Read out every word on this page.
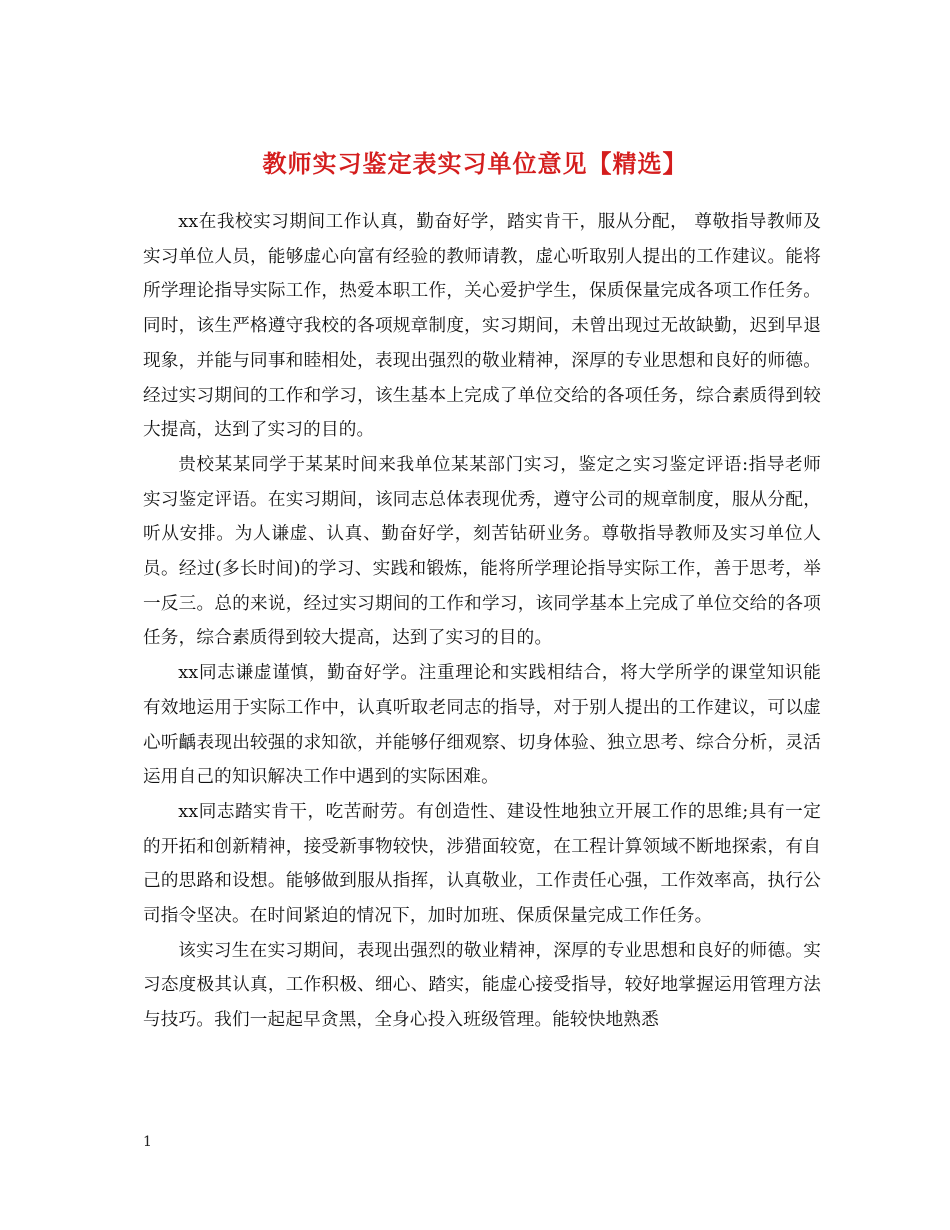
教师实习鉴定表实习单位意见【精选】

xx在我校实习期间工作认真，勤奋好学，踏实肯干，服从分配， 尊敬指导教师及实习单位人员，能够虚心向富有经验的教师请教，虚心听取别人提出的工作建议。能将所学理论指导实际工作，热爱本职工作，关心爱护学生，保质保量完成各项工作任务。同时，该生严格遵守我校的各项规章制度，实习期间，未曾出现过无故缺勤，迟到早退现象，并能与同事和睦相处，表现出强烈的敬业精神，深厚的专业思想和良好的师德。经过实习期间的工作和学习，该生基本上完成了单位交给的各项任务，综合素质得到较大提高，达到了实习的目的。

贵校某某同学于某某时间来我单位某某部门实习，鉴定之实习鉴定评语:指导老师实习鉴定评语。在实习期间，该同志总体表现优秀，遵守公司的规章制度，服从分配，听从安排。为人谦虚、认真、勤奋好学，刻苦钻研业务。尊敬指导教师及实习单位人员。经过(多长时间)的学习、实践和锻炼，能将所学理论指导实际工作，善于思考，举一反三。总的来说，经过实习期间的工作和学习，该同学基本上完成了单位交给的各项任务，综合素质得到较大提高，达到了实习的目的。

xx同志谦虚谨慎，勤奋好学。注重理论和实践相结合，将大学所学的课堂知识能有效地运用于实际工作中，认真听取老同志的指导，对于别人提出的工作建议，可以虚心听齲表现出较强的求知欲，并能够仔细观察、切身体验、独立思考、综合分析，灵活运用自己的知识解决工作中遇到的实际困难。

xx同志踏实肯干，吃苦耐劳。有创造性、建设性地独立开展工作的思维;具有一定的开拓和创新精神，接受新事物较快，涉猎面较宽，在工程计算领域不断地探索，有自己的思路和设想。能够做到服从指挥，认真敬业，工作责任心强，工作效率高，执行公司指令坚决。在时间紧迫的情况下，加时加班、保质保量完成工作任务。

该实习生在实习期间，表现出强烈的敬业精神，深厚的专业思想和良好的师德。实习态度极其认真，工作积极、细心、踏实，能虚心接受指导，较好地掌握运用管理方法与技巧。我们一起起早贪黑，全身心投入班级管理。能较快地熟悉

1
